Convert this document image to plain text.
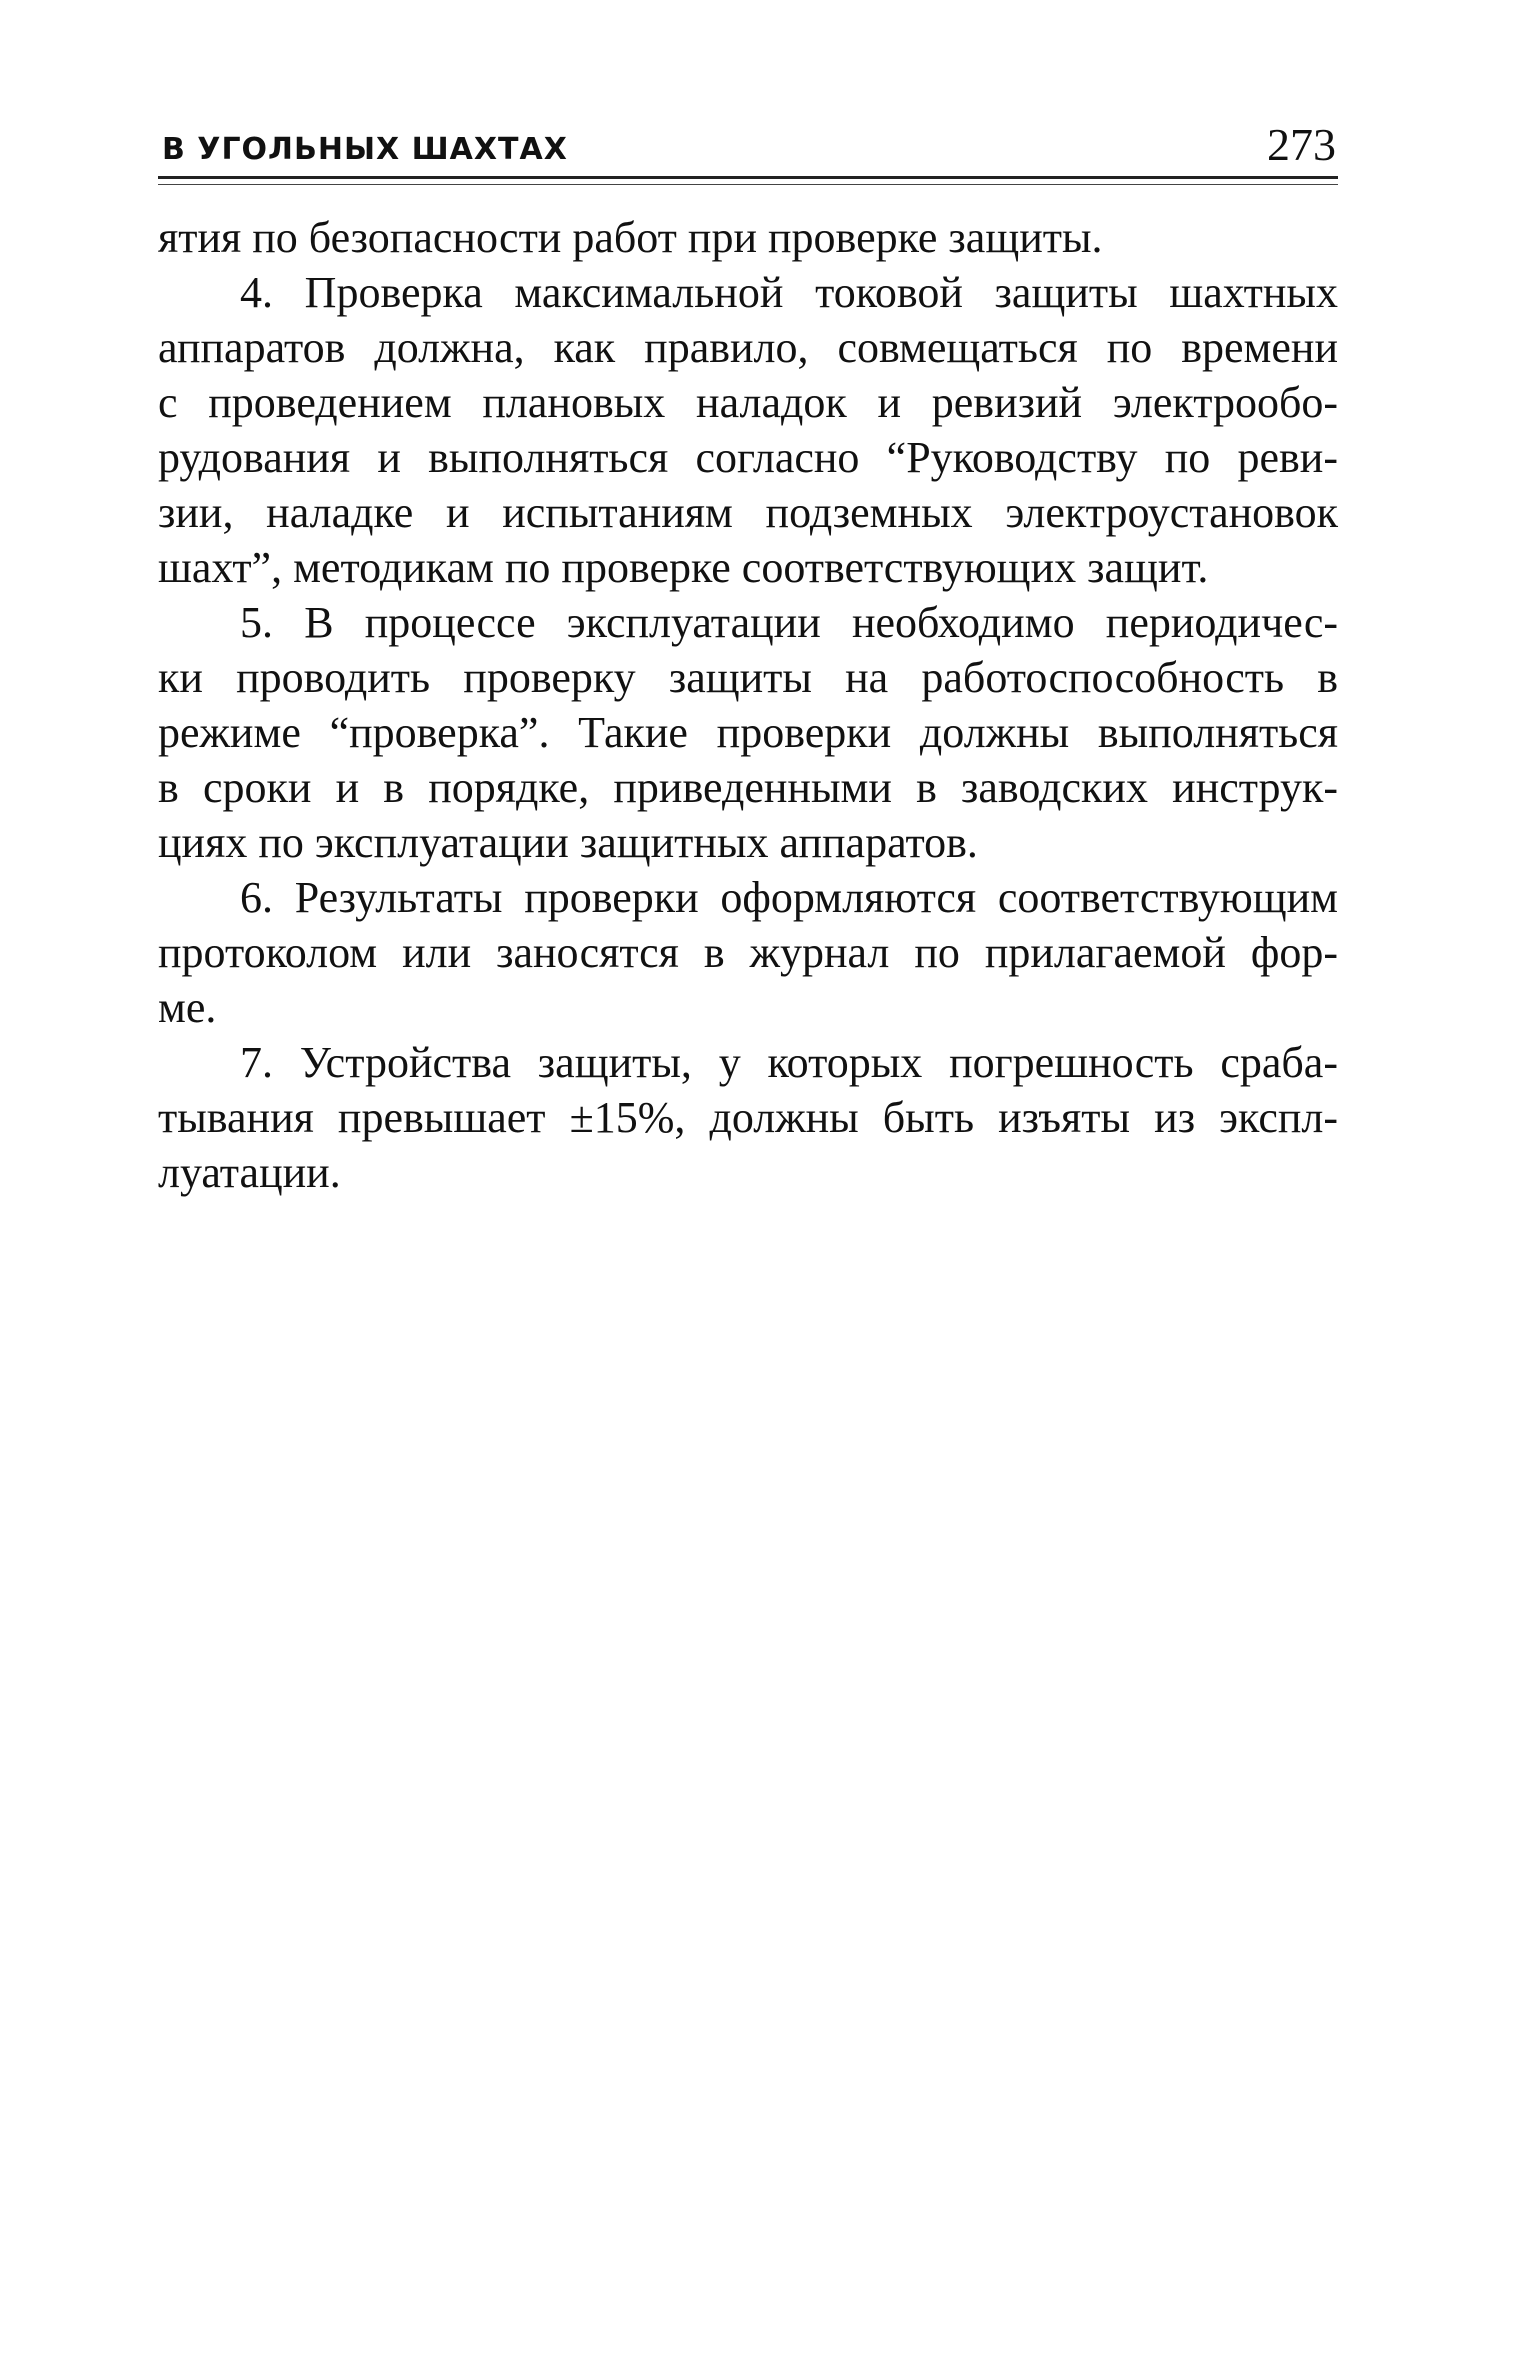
В УГОЛЬНЫХ ШАХТАХ	273
ятия по безопасности работ при проверке защиты.
4. Проверка максимальной токовой защиты шахтных
аппаратов должна, как правило, совмещаться по времени
с проведением плановых наладок и ревизий электрообо-
рудования и выполняться согласно “Руководству по реви-
зии, наладке и испытаниям подземных электроустановок
шахт”, методикам по проверке соответствующих защит.
5. В процессе эксплуатации необходимо периодичес-
ки проводить проверку защиты на работоспособность в
режиме “проверка”. Такие проверки должны выполняться
в сроки и в порядке, приведенными в заводских инструк-
циях по эксплуатации защитных аппаратов.
6. Результаты проверки оформляются соответствующим
протоколом или заносятся в журнал по прилагаемой фор-
ме.
7. Устройства защиты, у которых погрешность сраба-
тывания превышает ±15%, должны быть изъяты из экспл-
луатации.
